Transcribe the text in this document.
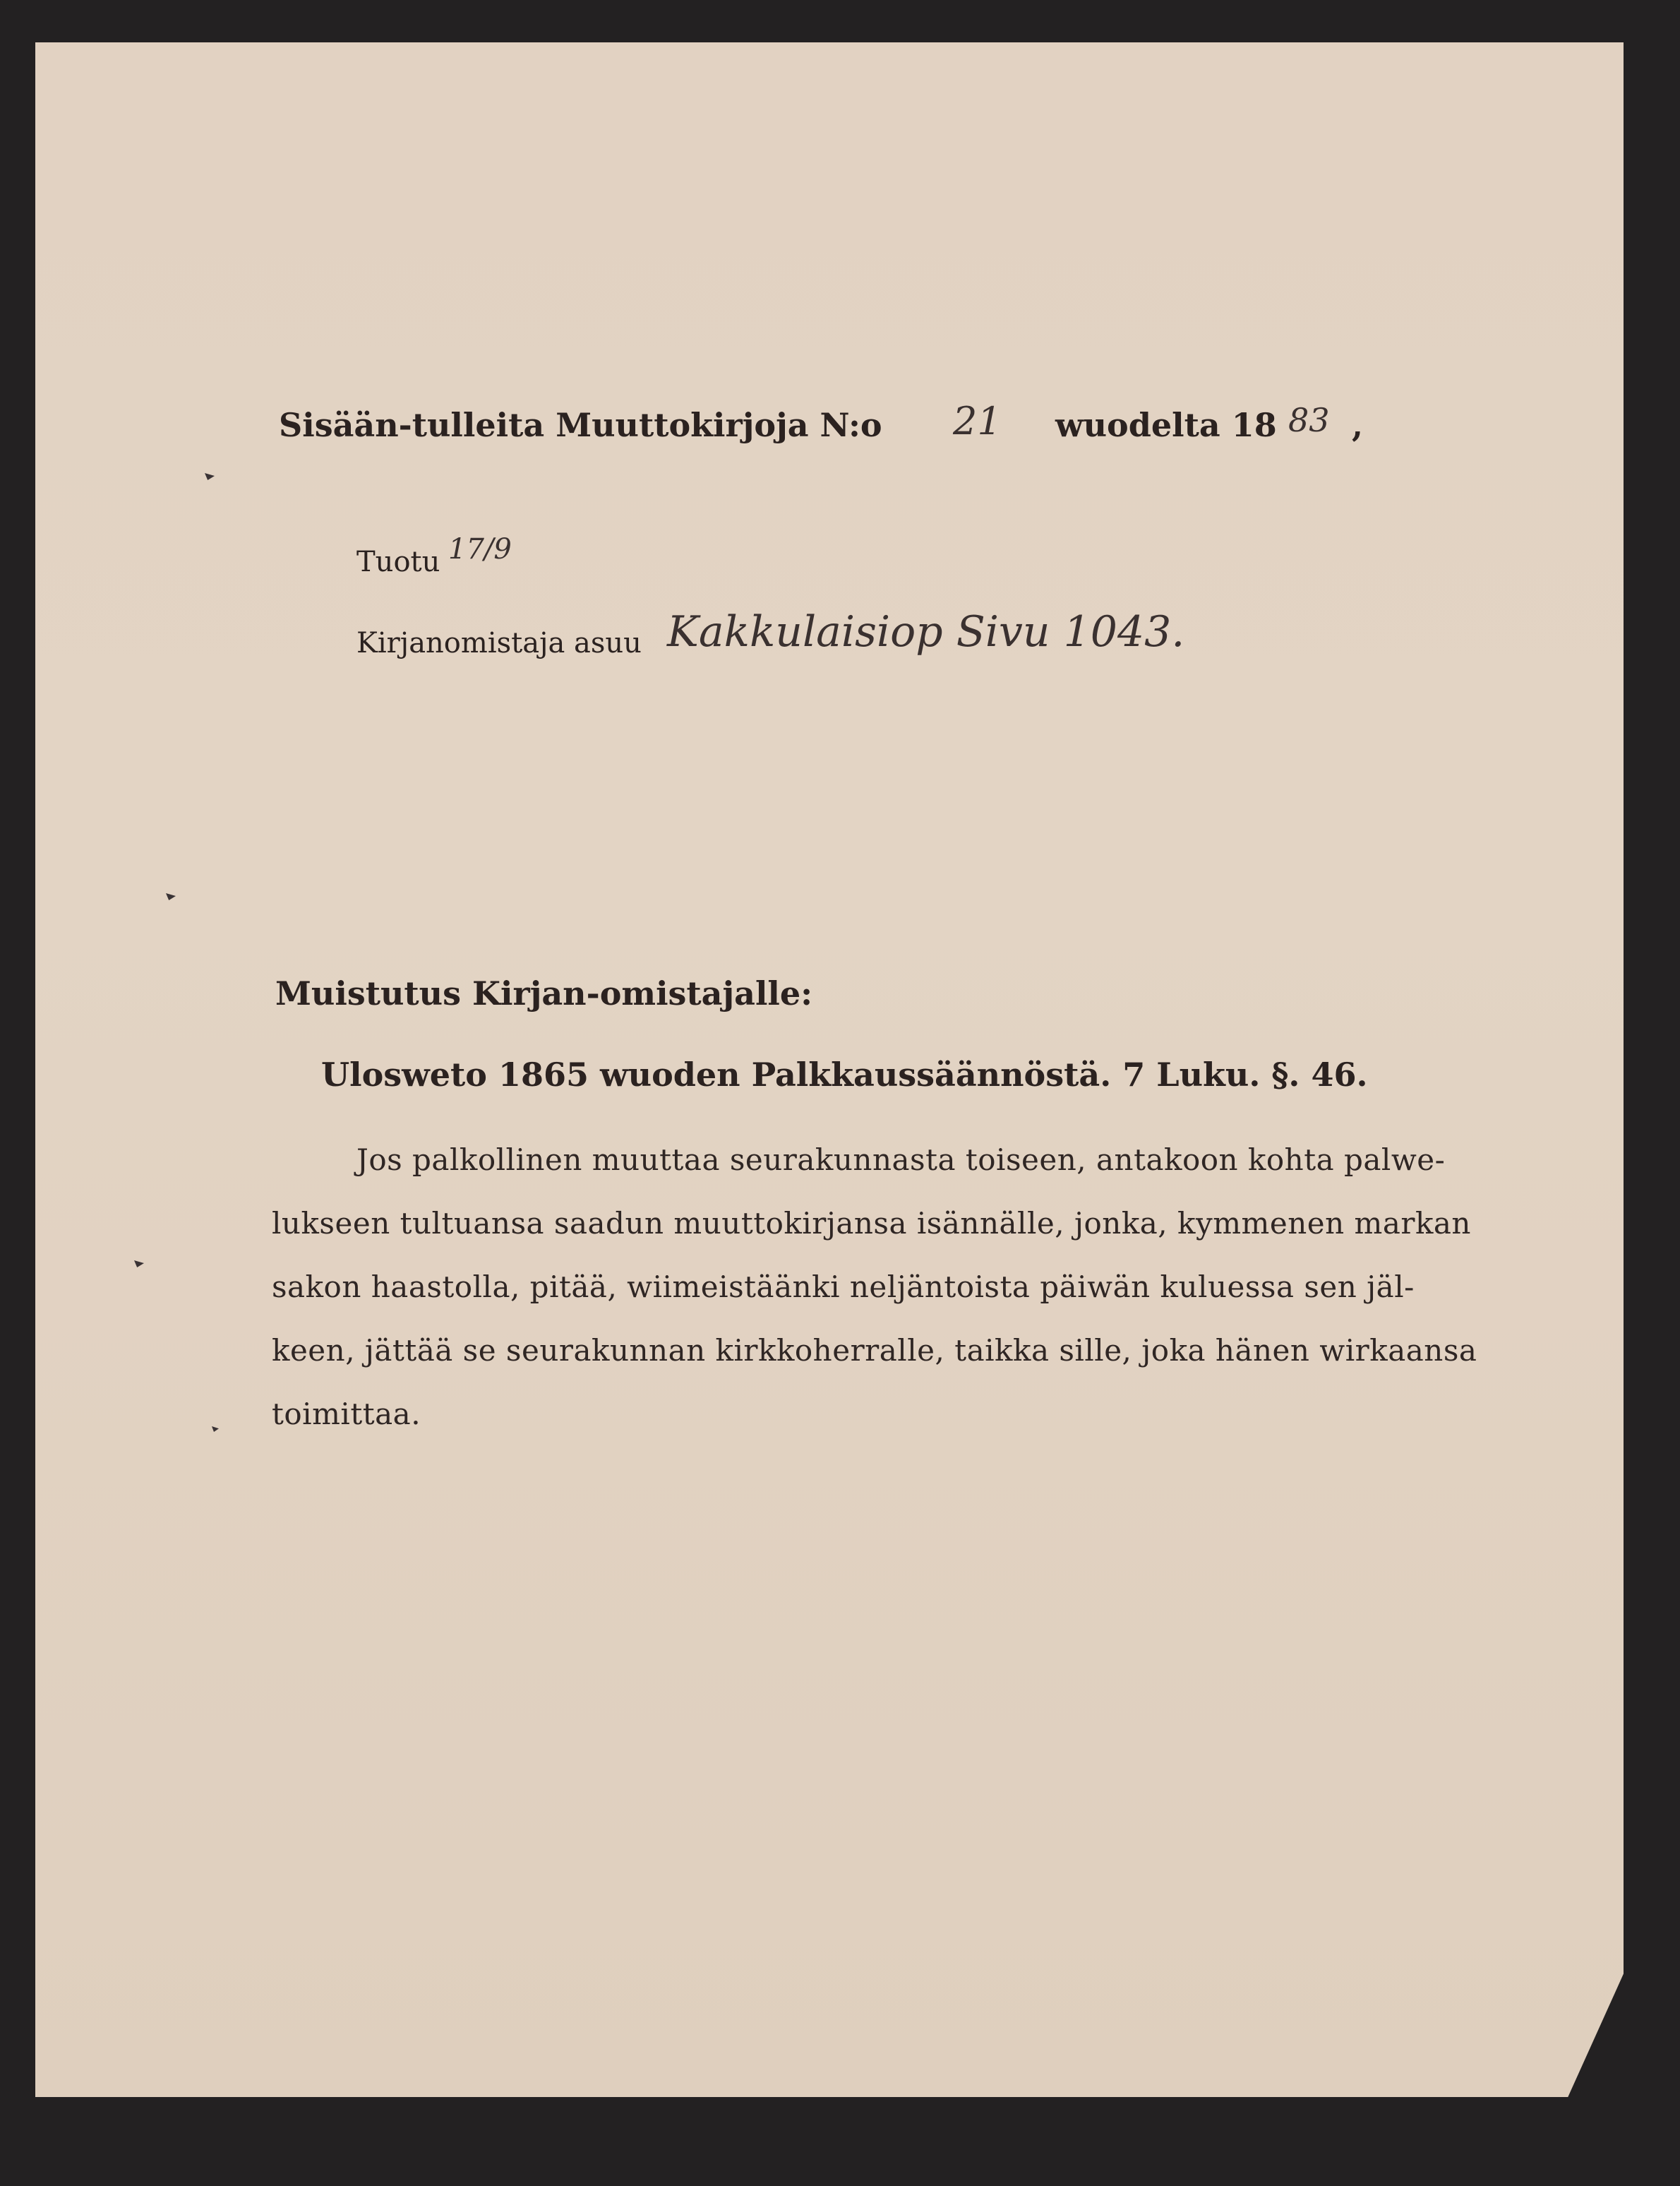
Sisään-tulleita Muuttokirjoja N:o 21 wuodelta 18 83 ,
Tuotu 17/9
Kirjanomistaja asuu Kakkulaisiop Sivu 1043.
Muistutus Kirjan-omistajalle:
Ulosweto 1865 wuoden Palkkaussäännöstä. 7 Luku. §. 46.
Jos palkollinen muuttaa seurakunnasta toiseen, antakoon kohta palwe-
lukseen tultuansa saadun muuttokirjansa isännälle, jonka, kymmenen markan
sakon haastolla, pitää, wiimeistäänki neljäntoista päiwän kuluessa sen jäl-
keen, jättää se seurakunnan kirkkoherralle, taikka sille, joka hänen wirkaansa
toimittaa.
